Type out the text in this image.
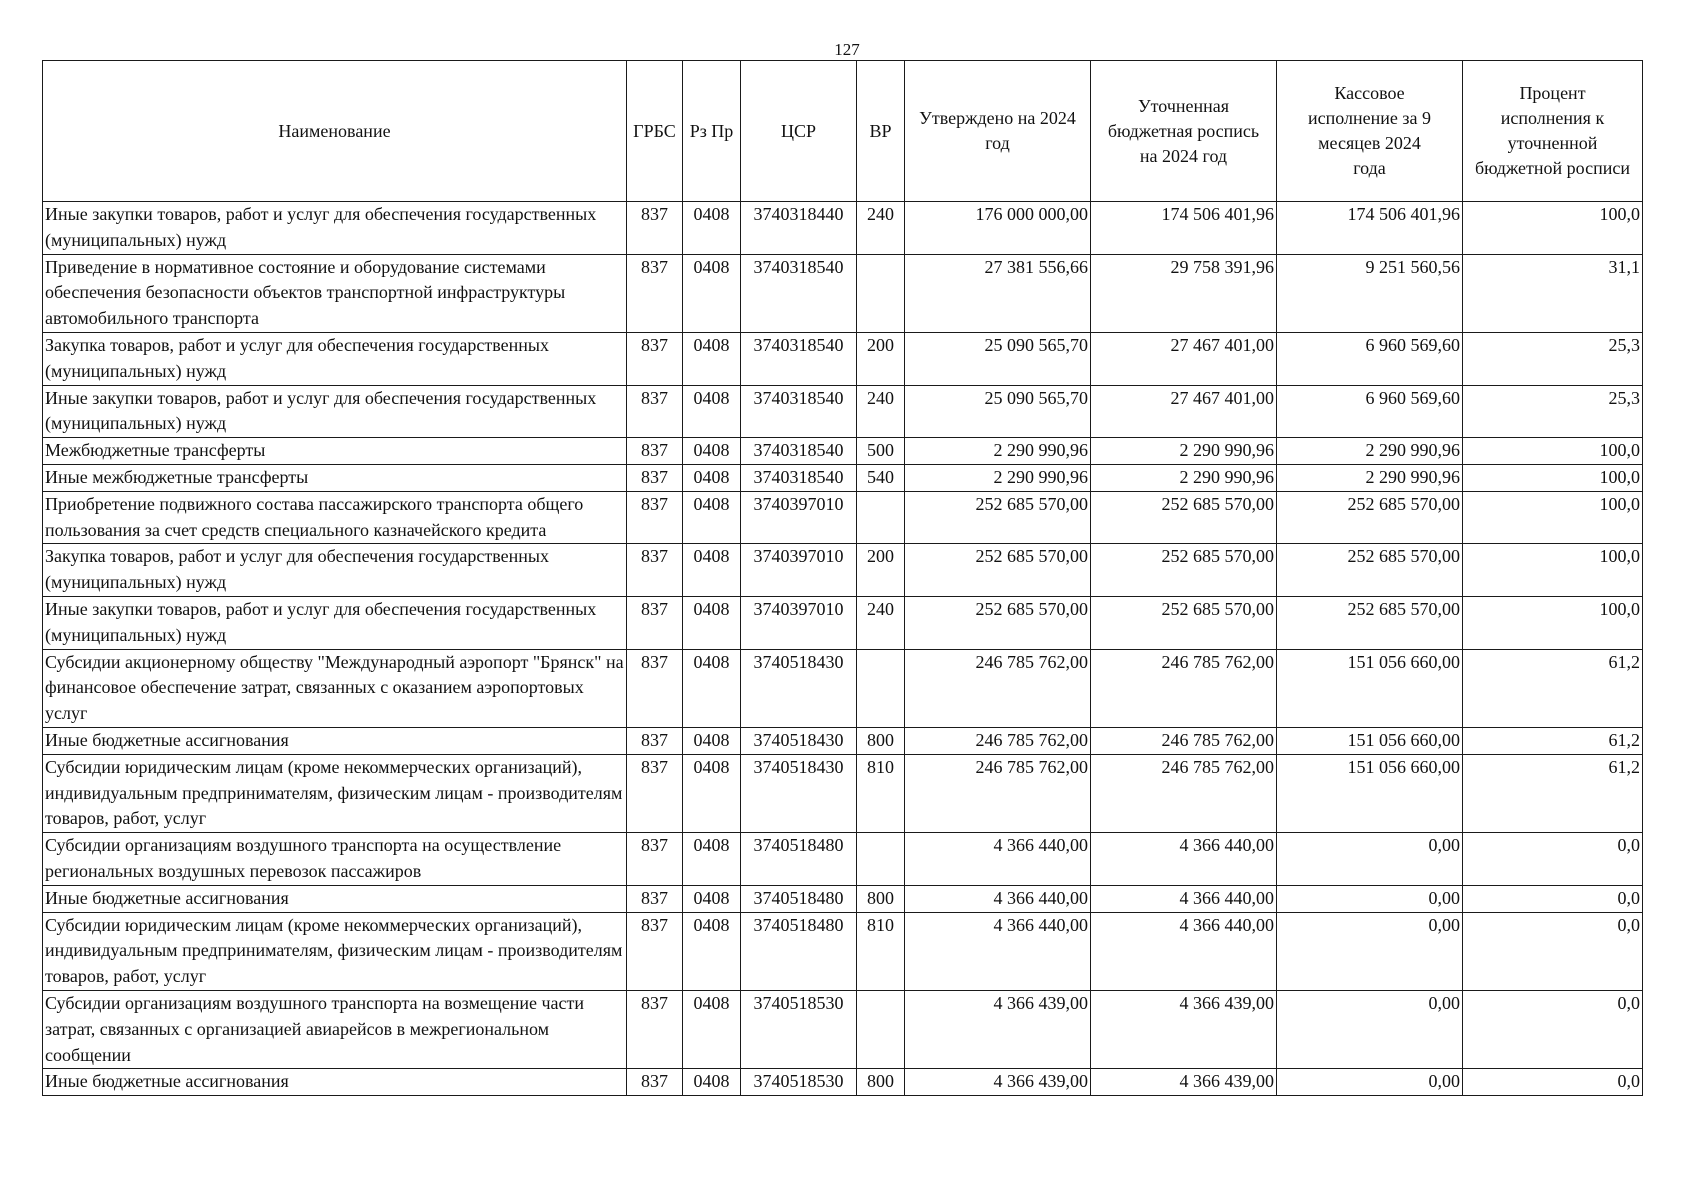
127
Наименование	ГРБС	Рз Пр	ЦСР	ВР	Утверждено на 2024 год	Уточненная бюджетная роспись на 2024 год	Кассовое исполнение за 9 месяцев 2024 года	Процент исполнения к уточненной бюджетной росписи
Иные закупки товаров, работ и услуг для обеспечения государственных (муниципальных) нужд	837	0408	3740318440	240	176 000 000,00	174 506 401,96	174 506 401,96	100,0
Приведение в нормативное состояние и оборудование системами обеспечения безопасности объектов транспортной инфраструктуры автомобильного транспорта	837	0408	3740318540		27 381 556,66	29 758 391,96	9 251 560,56	31,1
Закупка товаров, работ и услуг для обеспечения государственных (муниципальных) нужд	837	0408	3740318540	200	25 090 565,70	27 467 401,00	6 960 569,60	25,3
Иные закупки товаров, работ и услуг для обеспечения государственных (муниципальных) нужд	837	0408	3740318540	240	25 090 565,70	27 467 401,00	6 960 569,60	25,3
Межбюджетные трансферты	837	0408	3740318540	500	2 290 990,96	2 290 990,96	2 290 990,96	100,0
Иные межбюджетные трансферты	837	0408	3740318540	540	2 290 990,96	2 290 990,96	2 290 990,96	100,0
Приобретение подвижного состава пассажирского транспорта общего пользования за счет средств специального казначейского кредита	837	0408	3740397010		252 685 570,00	252 685 570,00	252 685 570,00	100,0
Закупка товаров, работ и услуг для обеспечения государственных (муниципальных) нужд	837	0408	3740397010	200	252 685 570,00	252 685 570,00	252 685 570,00	100,0
Иные закупки товаров, работ и услуг для обеспечения государственных (муниципальных) нужд	837	0408	3740397010	240	252 685 570,00	252 685 570,00	252 685 570,00	100,0
Субсидии акционерному обществу "Международный аэропорт "Брянск" на финансовое обеспечение затрат, связанных с оказанием аэропортовых услуг	837	0408	3740518430		246 785 762,00	246 785 762,00	151 056 660,00	61,2
Иные бюджетные ассигнования	837	0408	3740518430	800	246 785 762,00	246 785 762,00	151 056 660,00	61,2
Субсидии юридическим лицам (кроме некоммерческих организаций), индивидуальным предпринимателям, физическим лицам - производителям товаров, работ, услуг	837	0408	3740518430	810	246 785 762,00	246 785 762,00	151 056 660,00	61,2
Субсидии организациям воздушного транспорта на осуществление региональных воздушных перевозок пассажиров	837	0408	3740518480		4 366 440,00	4 366 440,00	0,00	0,0
Иные бюджетные ассигнования	837	0408	3740518480	800	4 366 440,00	4 366 440,00	0,00	0,0
Субсидии юридическим лицам (кроме некоммерческих организаций), индивидуальным предпринимателям, физическим лицам - производителям товаров, работ, услуг	837	0408	3740518480	810	4 366 440,00	4 366 440,00	0,00	0,0
Субсидии организациям воздушного транспорта на возмещение части затрат, связанных с организацией авиарейсов в межрегиональном сообщении	837	0408	3740518530		4 366 439,00	4 366 439,00	0,00	0,0
Иные бюджетные ассигнования	837	0408	3740518530	800	4 366 439,00	4 366 439,00	0,00	0,0
